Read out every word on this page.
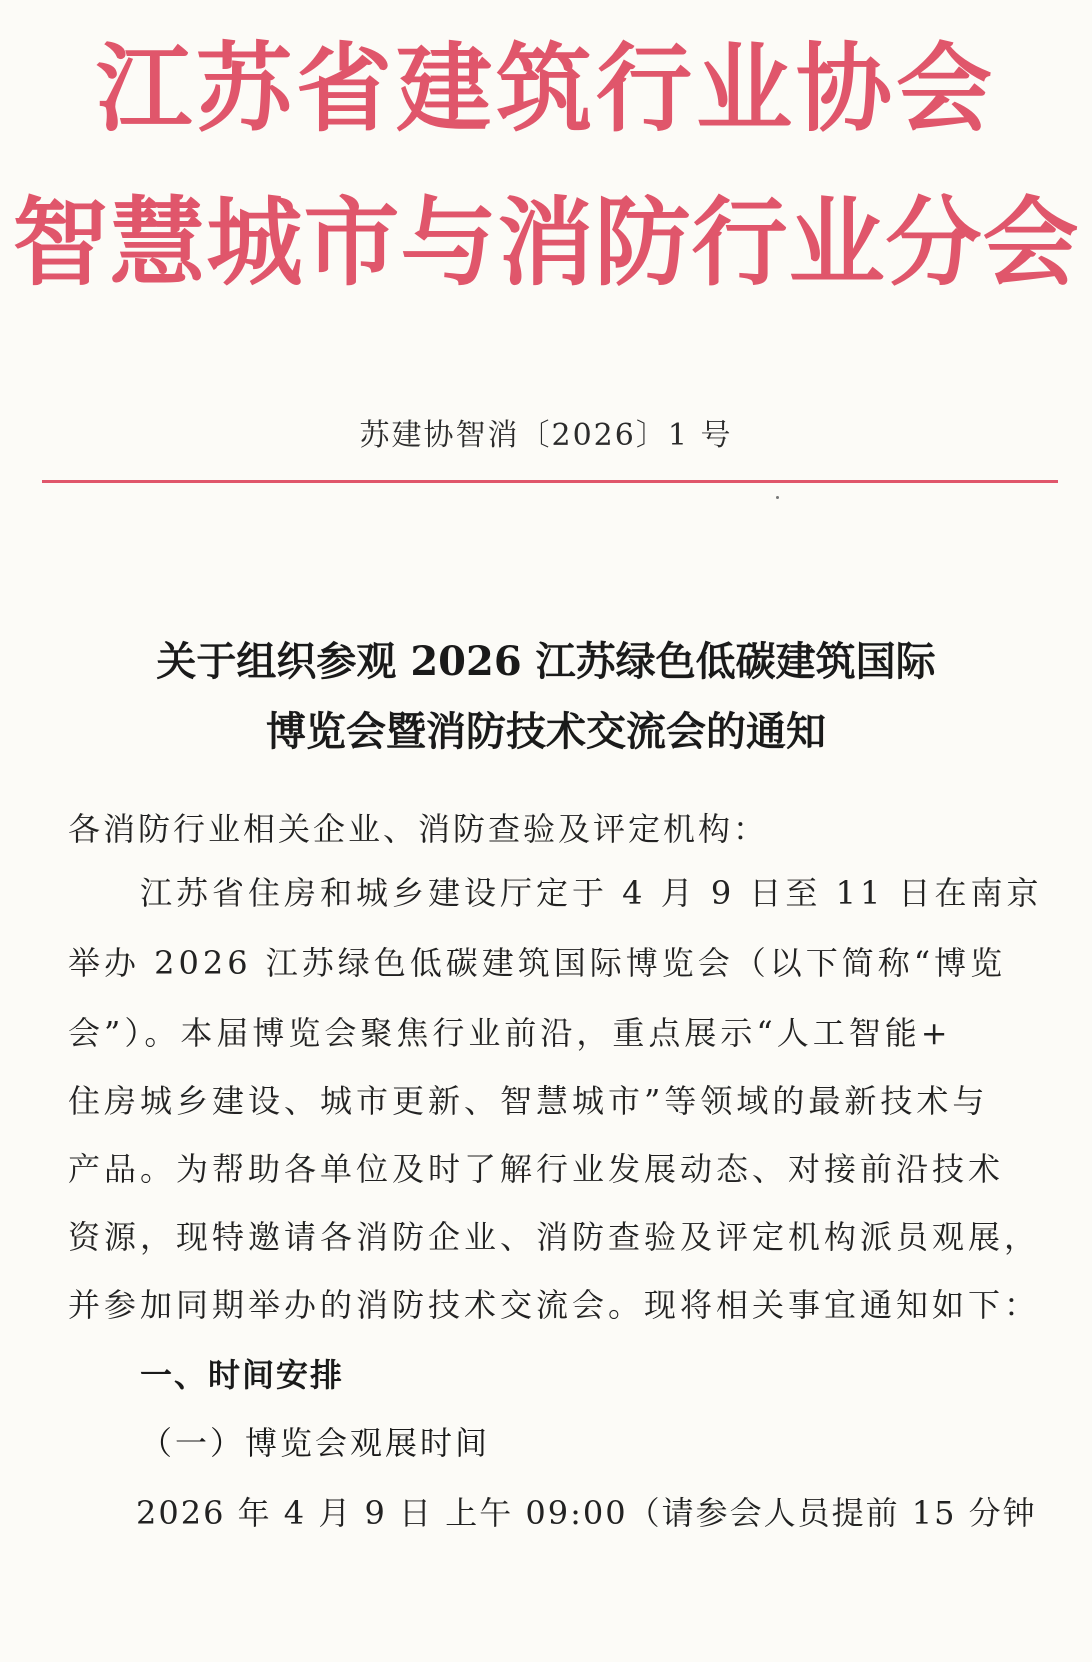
江苏省建筑行业协会
智慧城市与消防行业分会
苏建协智消〔2026〕1 号
关于组织参观 2026 江苏绿色低碳建筑国际
博览会暨消防技术交流会的通知
各消防行业相关企业、消防查验及评定机构：
江苏省住房和城乡建设厅定于 4 月 9 日至 11 日在南京
举办 2026 江苏绿色低碳建筑国际博览会（以下简称“博览
会”）。本届博览会聚焦行业前沿，重点展示“人工智能+
住房城乡建设、城市更新、智慧城市”等领域的最新技术与
产品。为帮助各单位及时了解行业发展动态、对接前沿技术
资源，现特邀请各消防企业、消防查验及评定机构派员观展，
并参加同期举办的消防技术交流会。现将相关事宜通知如下：
一、时间安排
（一）博览会观展时间
2026 年 4 月 9 日 上午 09:00（请参会人员提前 15 分钟
